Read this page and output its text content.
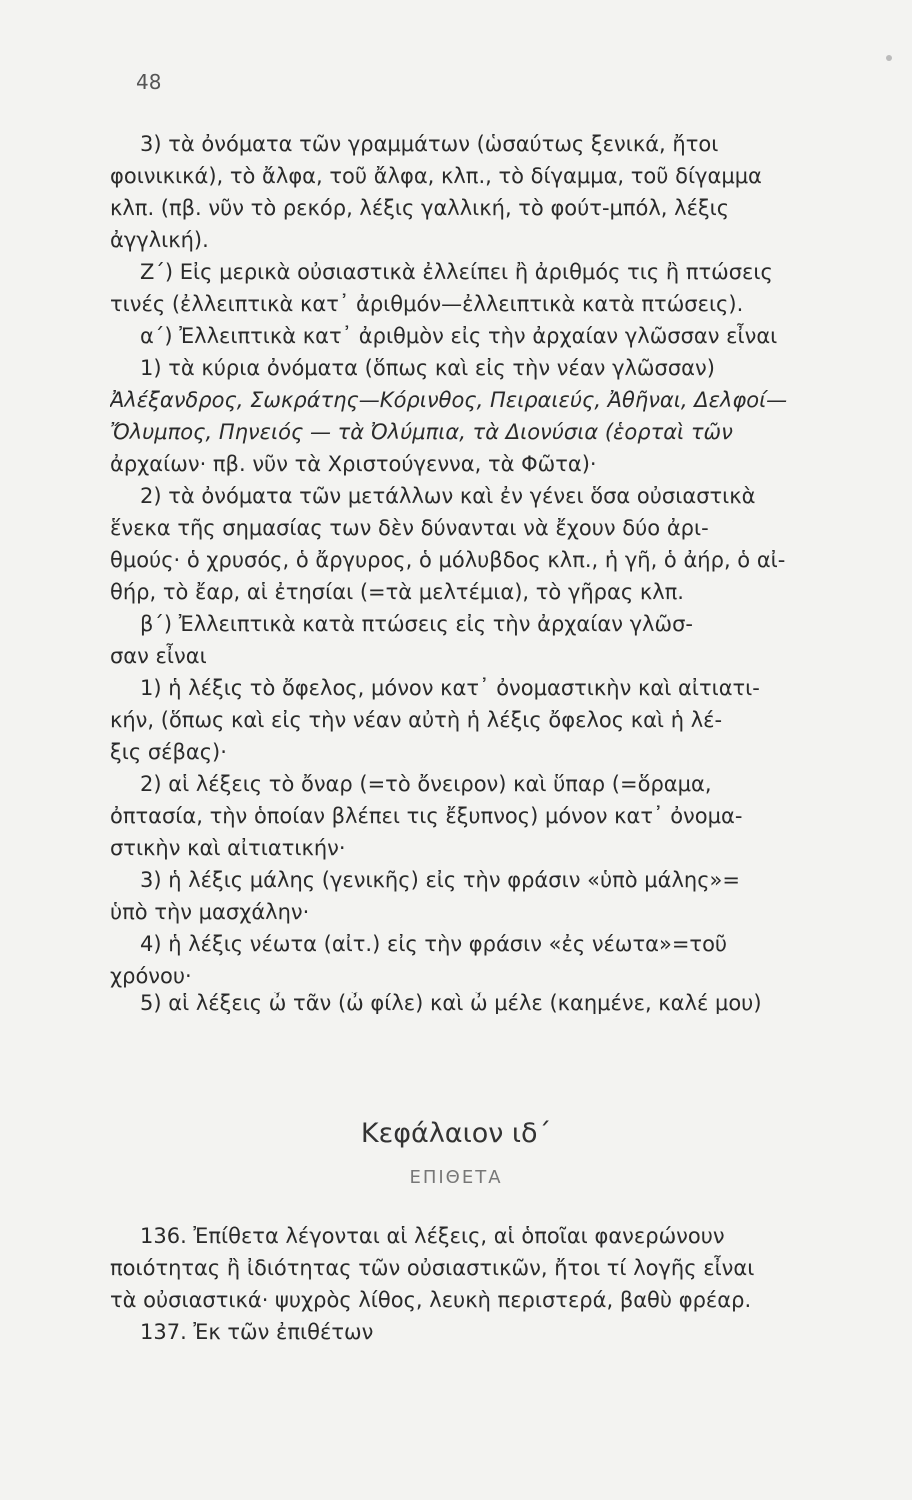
48
3) τὰ ὀνόματα τῶν γραμμάτων (ὡσαύτως ξενικά, ἤτοι
φοινικικά), τὸ ἄλφα, τοῦ ἄλφα, κλπ., τὸ δίγαμμα, τοῦ δίγαμμα
κλπ. (πβ. νῦν τὸ ρεκόρ, λέξις γαλλική, τὸ φούτ-μπόλ, λέξις
ἀγγλική).
Ζ΄) Εἰς μερικὰ οὐσιαστικὰ ἐλλείπει ἢ ἀριθμός τις ἢ πτώσεις
τινές (ἐλλειπτικὰ κατ᾽ ἀριθμόν—ἐλλειπτικὰ κατὰ πτώσεις).
α΄) Ἐλλειπτικὰ κατ᾽ ἀριθμὸν εἰς τὴν ἀρχαίαν γλῶσσαν εἶναι
1) τὰ κύρια ὀνόματα (ὅπως καὶ εἰς τὴν νέαν γλῶσσαν)
Ἀλέξανδρος, Σωκράτης—Κόρινθος, Πειραιεύς, Ἀθῆναι, Δελφοί—
Ὄλυμπος, Πηνειός — τὰ Ὀλύμπια, τὰ Διονύσια (ἑορταὶ τῶν
ἀρχαίων· πβ. νῦν τὰ Χριστούγεννα, τὰ Φῶτα)·
2) τὰ ὀνόματα τῶν μετάλλων καὶ ἐν γένει ὅσα οὐσιαστικὰ
ἕνεκα τῆς σημασίας των δὲν δύνανται νὰ ἔχουν δύο ἀρι-
θμούς· ὁ χρυσός, ὁ ἄργυρος, ὁ μόλυβδος κλπ., ἡ γῆ, ὁ ἀήρ, ὁ αἰ-
θήρ, τὸ ἔαρ, αἱ ἐτησίαι (=τὰ μελτέμια), τὸ γῆρας κλπ.
β΄) Ἐλλειπτικὰ κατὰ πτώσεις εἰς τὴν ἀρχαίαν γλῶσ-
σαν εἶναι
1) ἡ λέξις τὸ ὄφελος, μόνον κατ᾽ ὀνομαστικὴν καὶ αἰτιατι-
κήν, (ὅπως καὶ εἰς τὴν νέαν αὐτὴ ἡ λέξις ὄφελος καὶ ἡ λέ-
ξις σέβας)·
2) αἱ λέξεις τὸ ὄναρ (=τὸ ὄνειρον) καὶ ὕπαρ (=ὅραμα,
ὀπτασία, τὴν ὁποίαν βλέπει τις ἔξυπνος) μόνον κατ᾽ ὀνομα-
στικὴν καὶ αἰτιατικήν·
3) ἡ λέξις μάλης (γενικῆς) εἰς τὴν φράσιν «ὑπὸ μάλης»=
ὑπὸ τὴν μασχάλην·
4) ἡ λέξις νέωτα (αἰτ.) εἰς τὴν φράσιν «ἐς νέωτα»=τοῦ
χρόνου·
5) αἱ λέξεις ὦ τᾶν (ὦ φίλε) καὶ ὦ μέλε (καημένε, καλέ μου)
Κεφάλαιον ιδ΄
ΕΠΙΘΕΤΑ
136. Ἐπίθετα λέγονται αἱ λέξεις, αἱ ὁποῖαι φανερώνουν
ποιότητας ἢ ἰδιότητας τῶν οὐσιαστικῶν, ἤτοι τί λογῆς εἶναι
τὰ οὐσιαστικά· ψυχρὸς λίθος, λευκὴ περιστερά, βαθὺ φρέαρ.
137. Ἐκ τῶν ἐπιθέτων
